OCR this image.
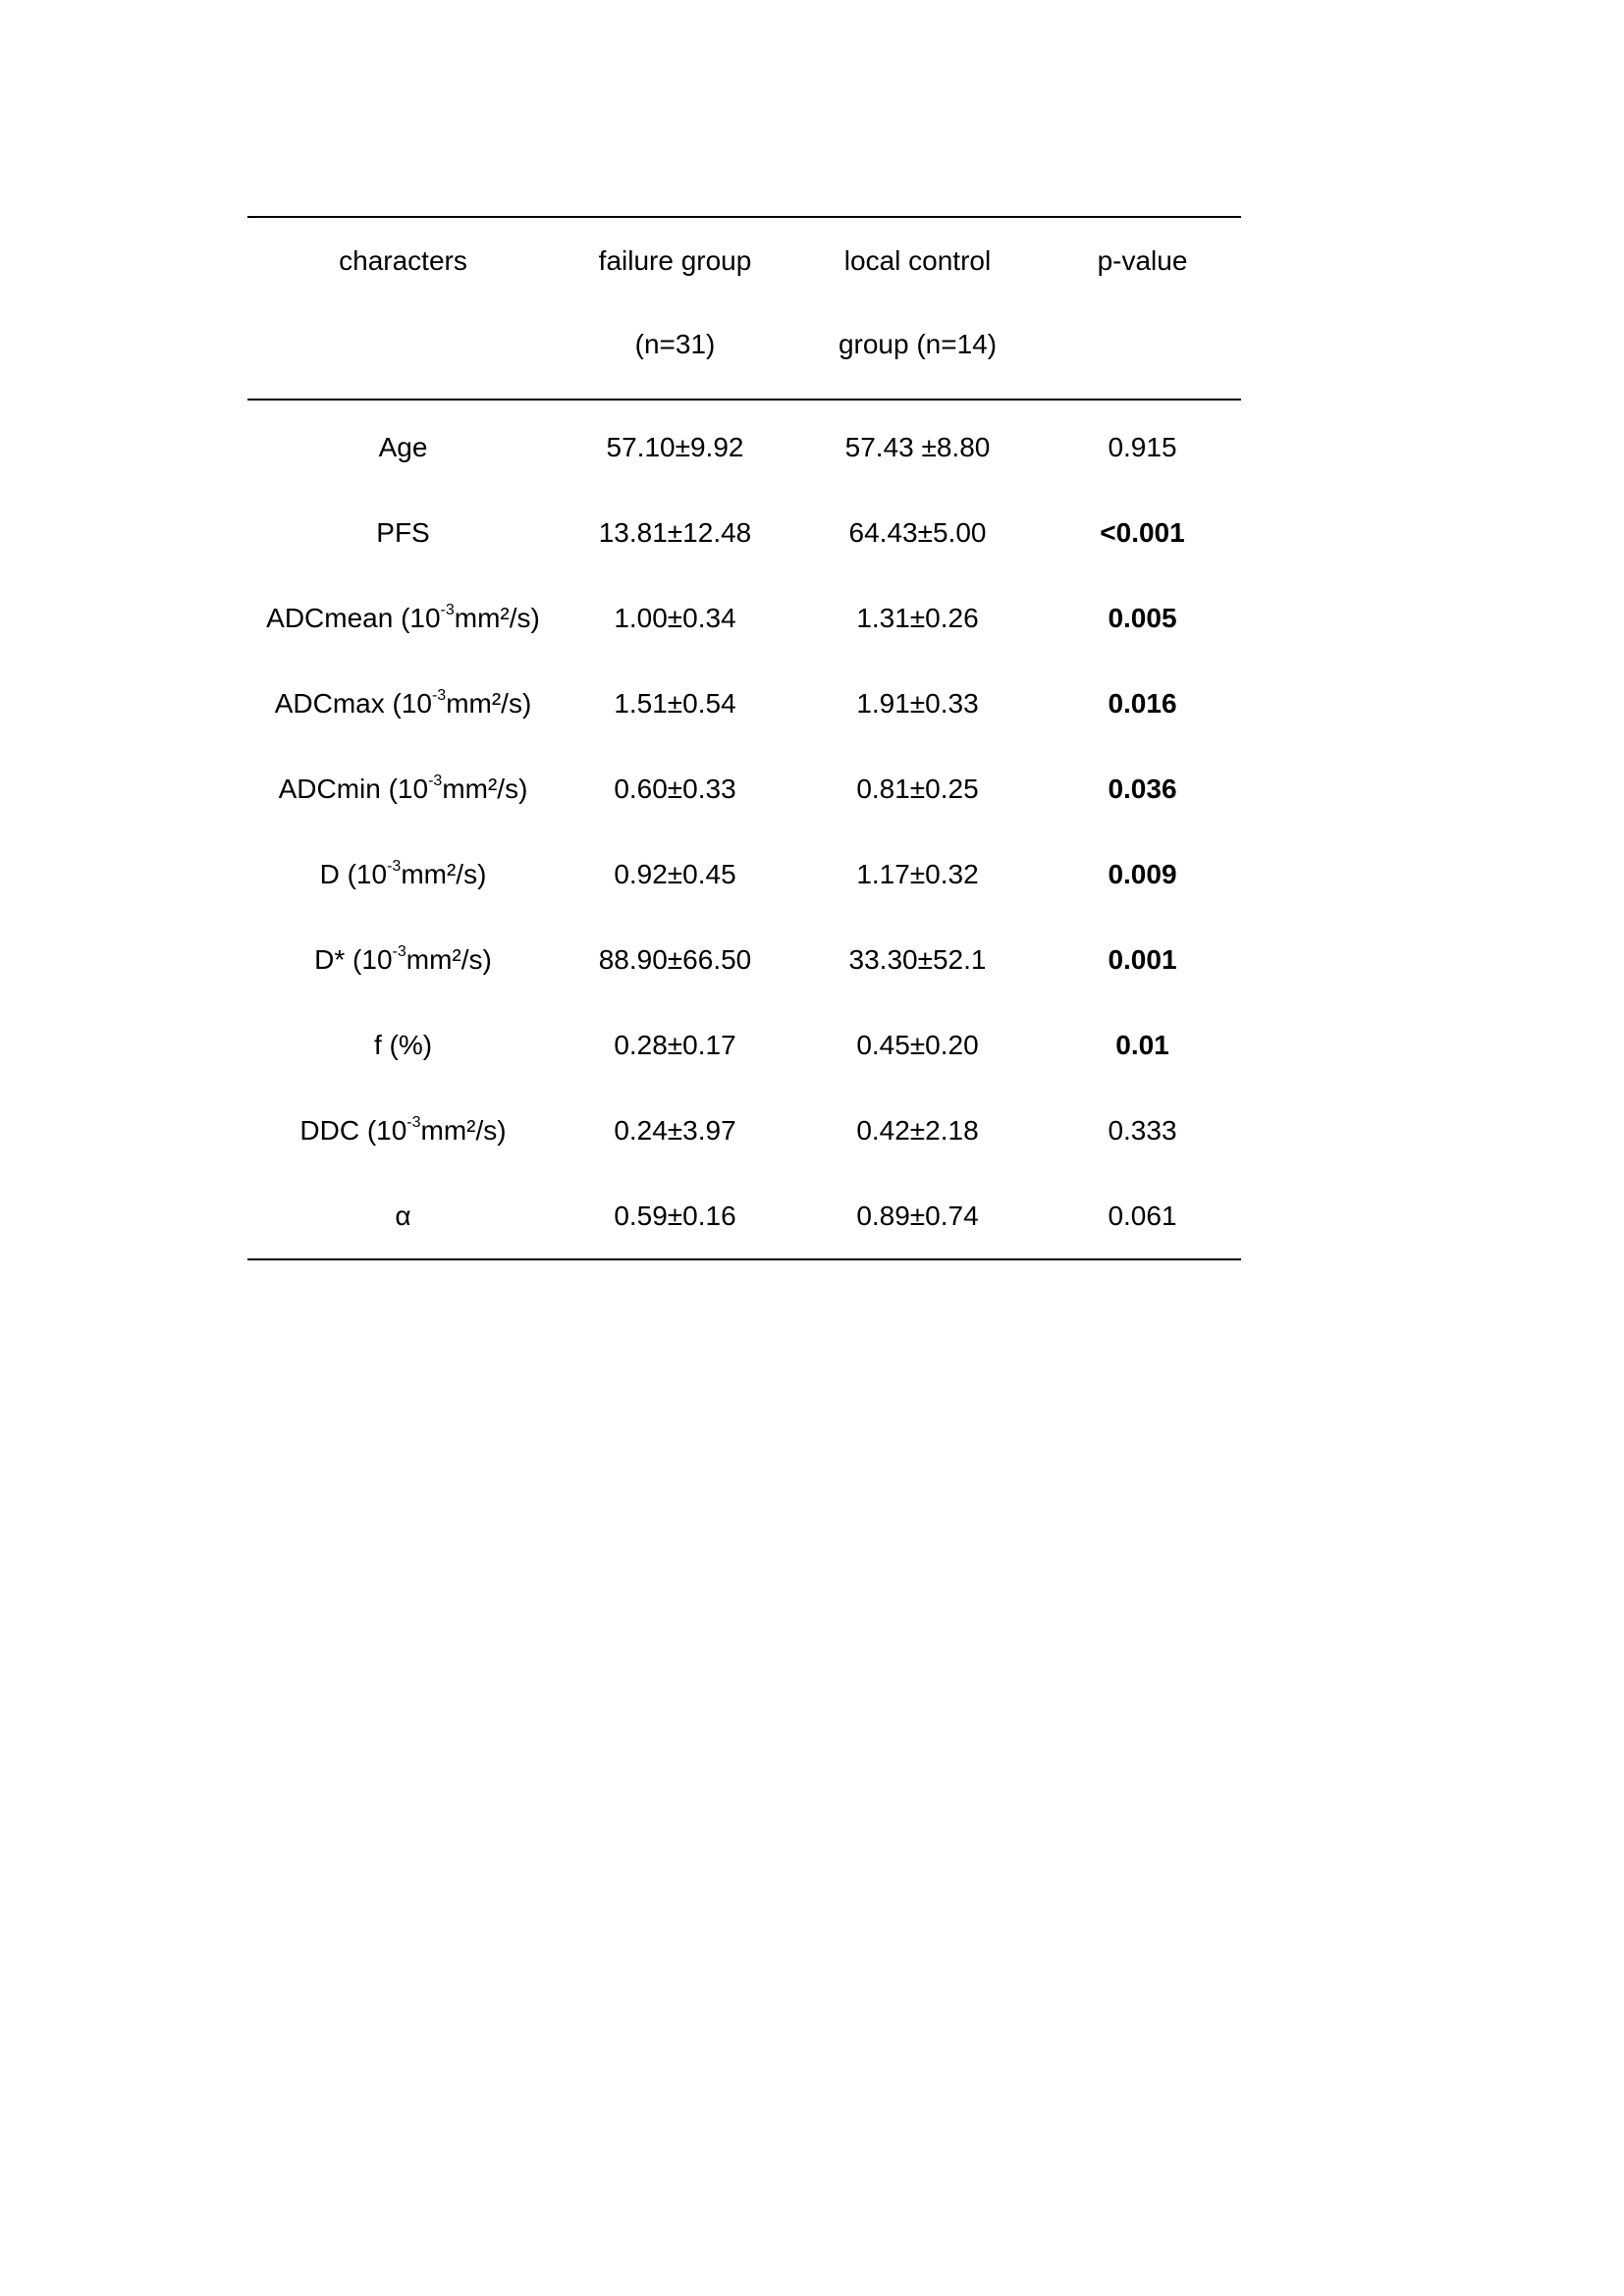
characters	failure group	local control	p-value
	(n=31)	group (n=14)	
Age	57.10±9.92	57.43 ±8.80	0.915
PFS	13.81±12.48	64.43±5.00	<0.001
ADCmean $(10^{-3}mm^2/s)$	1.00±0.34	1.31±0.26	0.005
ADCmax $(10^{-3}mm^2/s)$	1.51±0.54	1.91±0.33	0.016
ADCmin $(10^{-3}mm^2/s)$	0.60±0.33	0.81±0.25	0.036
D $(10^{-3}mm^2/s)$	0.92±0.45	1.17±0.32	0.009
D* $(10^{-3}mm^2/s)$	88.90±66.50	33.30±52.1	0.001
f (%)	0.28±0.17	0.45±0.20	0.01
DDC $(10^{-3}mm^2/s)$	0.24±3.97	0.42±2.18	0.333
α	0.59±0.16	0.89±0.74	0.061
